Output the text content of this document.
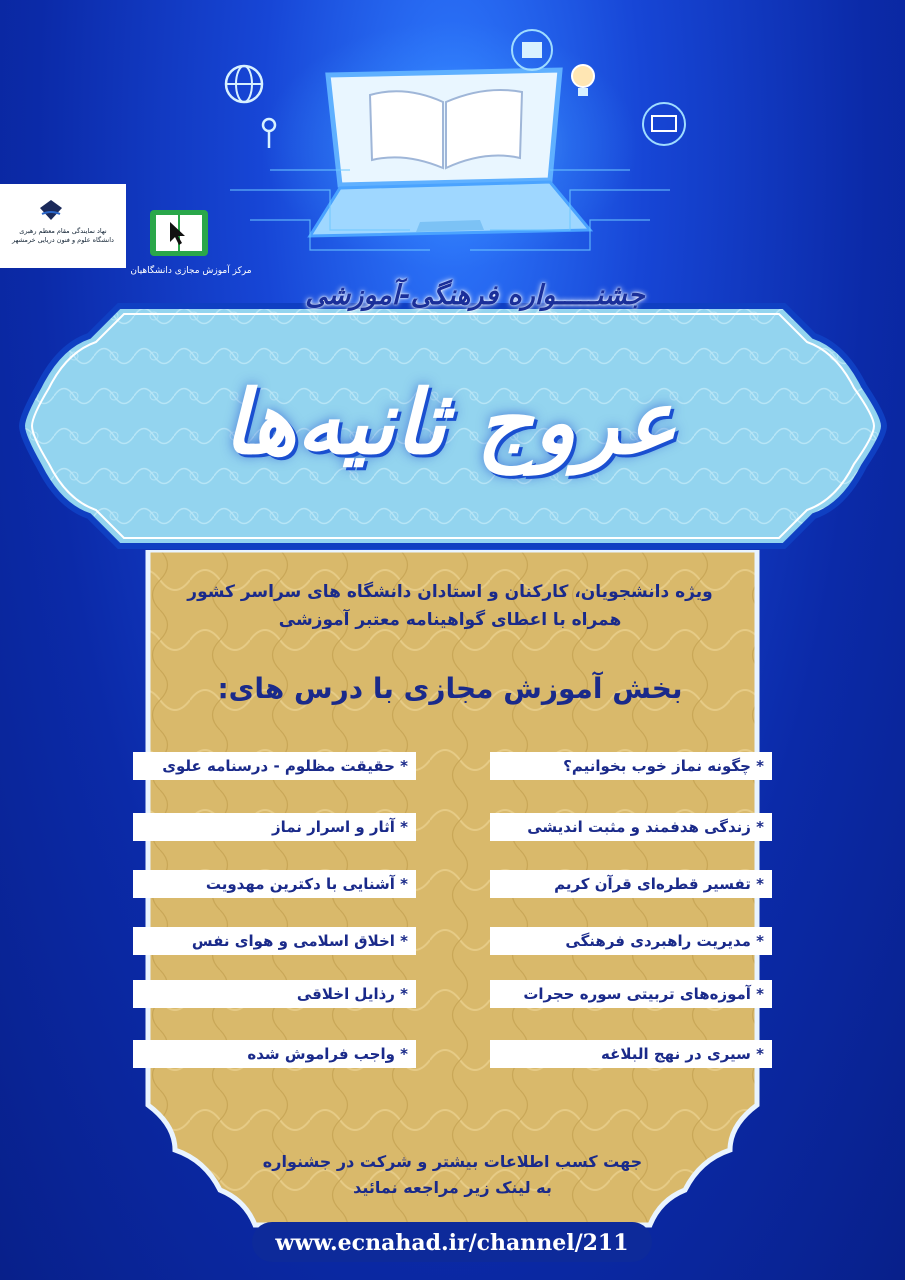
نهاد نمایندگی مقام معظم رهبری
دانشگاه علوم و فنون دریایی خرمشهر
مرکز آموزش مجازی دانشگاهیان
جشنـــــواره فرهنگی-آموزشی
عروج ثانیه‌ها
ویژه دانشجویان، کارکنان و استادان دانشگاه های سراسر کشور
همراه با اعطای گواهینامه معتبر آموزشی
بخش آموزش مجازی با درس های:
* چگونه نماز خوب بخوانیم؟
* زندگی هدفمند و مثبت اندیشی
* تفسیر قطره‌ای قرآن کریم
* مدیریت راهبردی فرهنگی
* آموزه‌های تربیتی سوره حجرات
* سیری در نهج البلاغه
* حقیقت مظلوم - درسنامه علوی
* آثار و اسرار نماز
* آشنایی با دکترین مهدویت
* اخلاق اسلامی و هوای نفس
* رذایل اخلاقی
* واجب فراموش شده
جهت کسب اطلاعات بیشتر و شرکت در جشنواره
به لینک زیر مراجعه نمائید
www.ecnahad.ir/channel/211
